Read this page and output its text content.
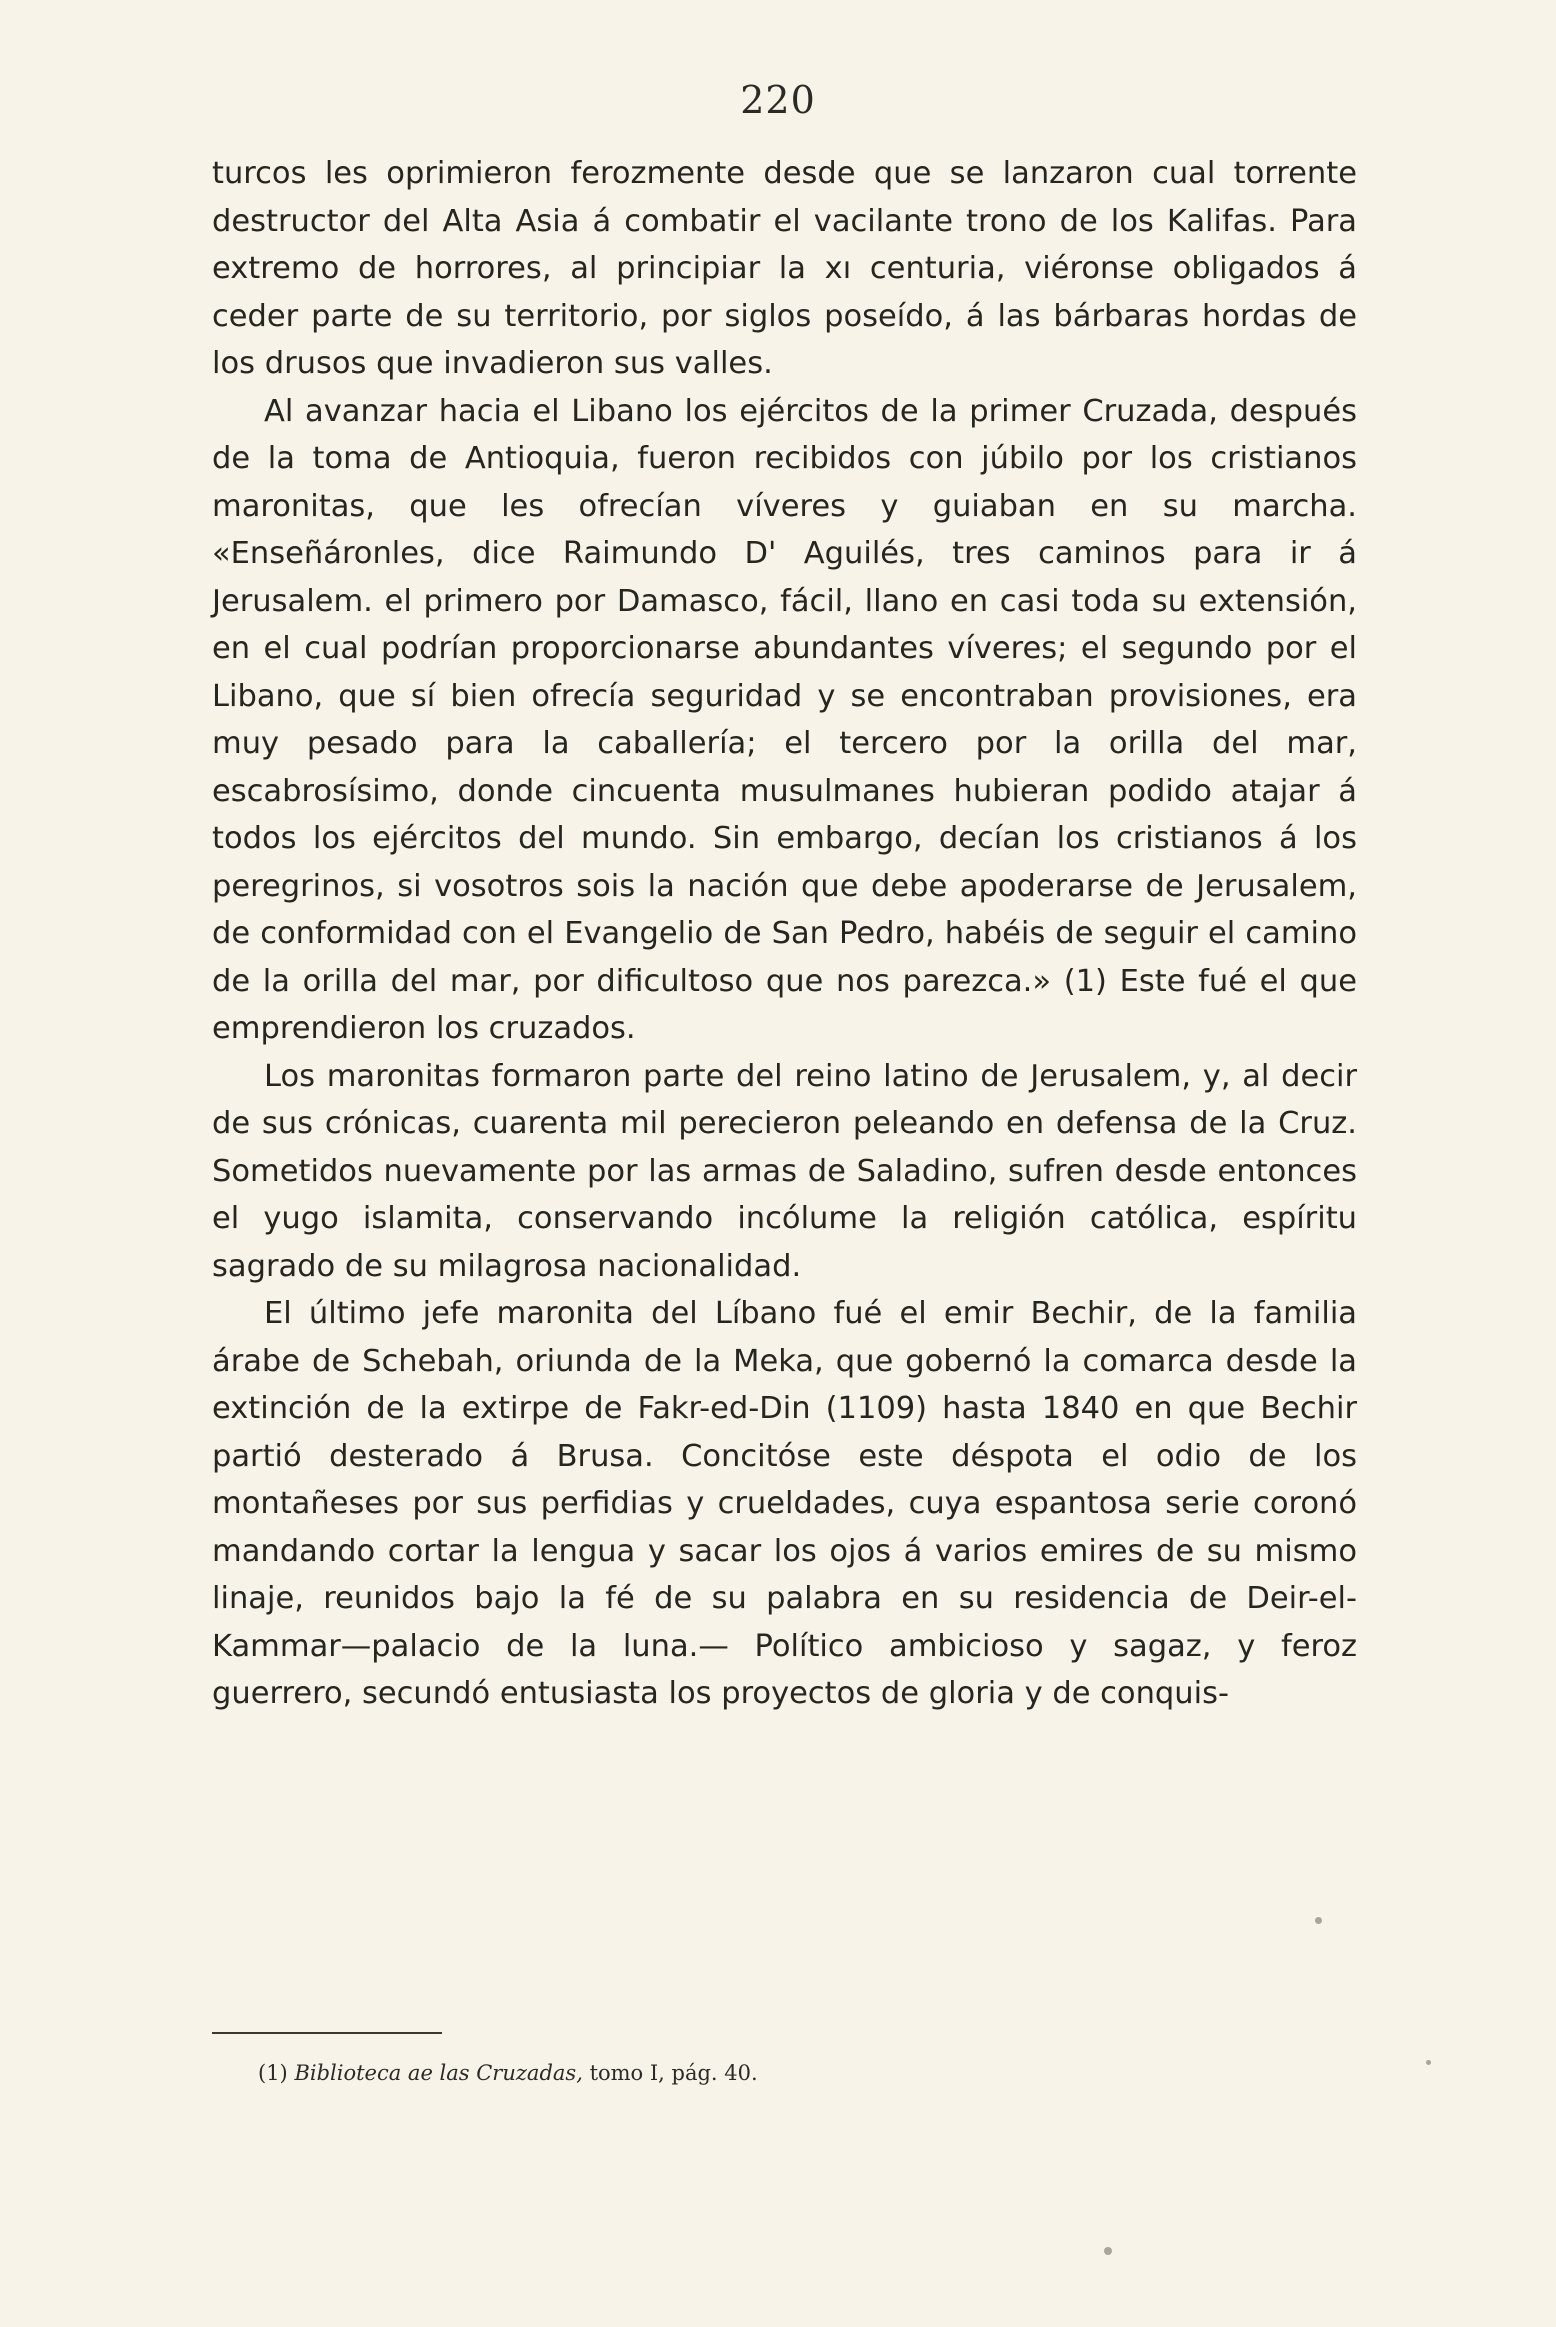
220

turcos les oprimieron ferozmente desde que se lanzaron cual torrente destructor del Alta Asia á combatir el vacilante trono de los Kalifas. Para extremo de horrores, al principiar la xı centuria, viéronse obligados á ceder parte de su territorio, por siglos poseído, á las bárbaras hordas de los drusos que invadieron sus valles.

Al avanzar hacia el Libano los ejércitos de la primer Cruzada, después de la toma de Antioquia, fueron recibidos con júbilo por los cristianos maronitas, que les ofrecían víveres y guiaban en su marcha. «Enseñáronles, dice Raimundo D' Aguilés, tres caminos para ir á Jerusalem. el primero por Damasco, fácil, llano en casi toda su extensión, en el cual podrían proporcionarse abundantes víveres; el segundo por el Libano, que sí bien ofrecía seguridad y se encontraban provisiones, era muy pesado para la caballería; el tercero por la orilla del mar, escabrosísimo, donde cincuenta musulmanes hubieran podido atajar á todos los ejércitos del mundo. Sin embargo, decían los cristianos á los peregrinos, si vosotros sois la nación que debe apoderarse de Jerusalem, de conformidad con el Evangelio de San Pedro, habéis de seguir el camino de la orilla del mar, por dificultoso que nos parezca.» (1) Este fué el que emprendieron los cruzados.

Los maronitas formaron parte del reino latino de Jerusalem, y, al decir de sus crónicas, cuarenta mil perecieron peleando en defensa de la Cruz. Sometidos nuevamente por las armas de Saladino, sufren desde entonces el yugo islamita, conservando incólume la religión católica, espíritu sagrado de su milagrosa nacionalidad.

El último jefe maronita del Líbano fué el emir Bechir, de la familia árabe de Schebah, oriunda de la Meka, que gobernó la comarca desde la extinción de la extirpe de Fakr-ed-Din (1109) hasta 1840 en que Bechir partió desterado á Brusa. Concitóse este déspota el odio de los montañeses por sus perfidias y crueldades, cuya espantosa serie coronó mandando cortar la lengua y sacar los ojos á varios emires de su mismo linaje, reunidos bajo la fé de su palabra en su residencia de Deir-el-Kammar—palacio de la luna.— Político ambicioso y sagaz, y feroz guerrero, secundó entusiasta los proyectos de gloria y de conquis-

(1) Biblioteca ae las Cruzadas, tomo I, pág. 40.
